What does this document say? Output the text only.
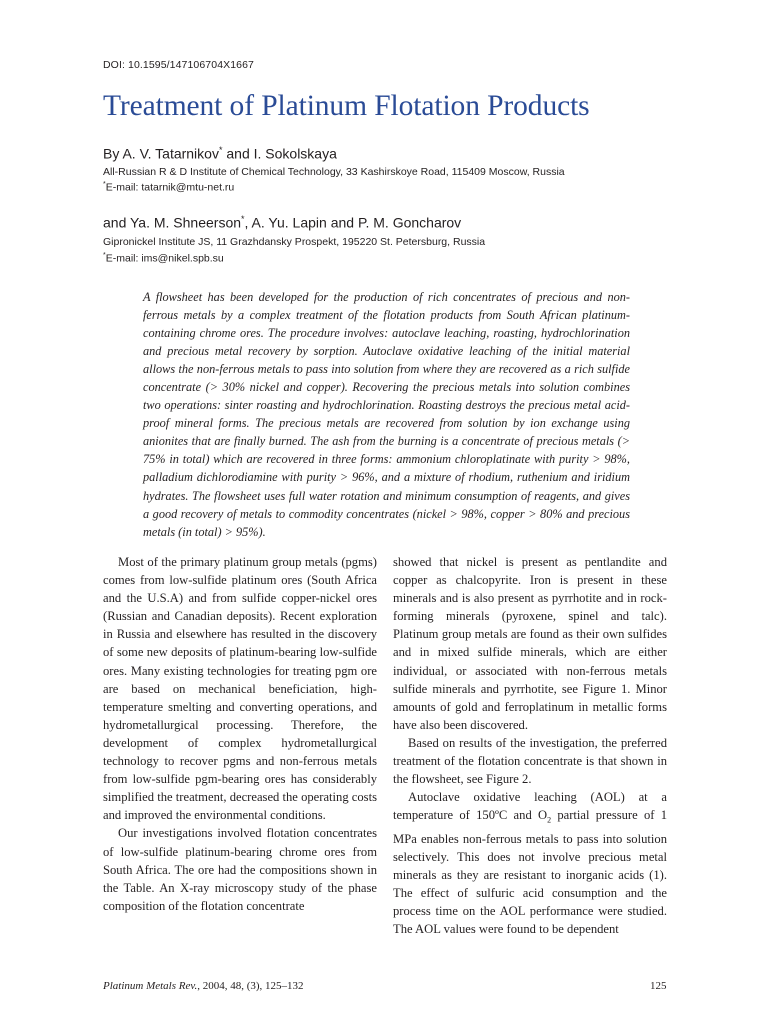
DOI: 10.1595/147106704X1667
Treatment of Platinum Flotation Products
By A. V. Tatarnikov* and I. Sokolskaya
All-Russian R & D Institute of Chemical Technology, 33 Kashirskoye Road, 115409 Moscow, Russia
*E-mail: tatarnik@mtu-net.ru
and Ya. M. Shneerson*, A. Yu. Lapin and P. M. Goncharov
Gipronickel Institute JS, 11 Grazhdansky Prospekt, 195220 St. Petersburg, Russia
*E-mail: ims@nikel.spb.su

A flowsheet has been developed for the production of rich concentrates of precious and non-ferrous metals by a complex treatment of the flotation products from South African platinum-containing chrome ores. The procedure involves: autoclave leaching, roasting, hydrochlorination and precious metal recovery by sorption. Autoclave oxidative leaching of the initial material allows the non-ferrous metals to pass into solution from where they are recovered as a rich sulfide concentrate (> 30% nickel and copper). Recovering the precious metals into solution combines two operations: sinter roasting and hydrochlorination. Roasting destroys the precious metal acid-proof mineral forms. The precious metals are recovered from solution by ion exchange using anionites that are finally burned. The ash from the burning is a concentrate of precious metals (> 75% in total) which are recovered in three forms: ammonium chloroplatinate with purity > 98%, palladium dichlorodiamine with purity > 96%, and a mixture of rhodium, ruthenium and iridium hydrates. The flowsheet uses full water rotation and minimum consumption of reagents, and gives a good recovery of metals to commodity concentrates (nickel > 98%, copper > 80% and precious metals (in total) > 95%).

Most of the primary platinum group metals (pgms) comes from low-sulfide platinum ores (South Africa and the U.S.A) and from sulfide copper-nickel ores (Russian and Canadian deposits). Recent exploration in Russia and elsewhere has resulted in the discovery of some new deposits of platinum-bearing low-sulfide ores. Many existing technologies for treating pgm ore are based on mechanical beneficiation, high-temperature smelting and converting operations, and hydrometallurgical processing. Therefore, the development of complex hydrometallurgical technology to recover pgms and non-ferrous metals from low-sulfide pgm-bearing ores has considerably simplified the treatment, decreased the operating costs and improved the environmental conditions.

Our investigations involved flotation concentrates of low-sulfide platinum-bearing chrome ores from South Africa. The ore had the compositions shown in the Table. An X-ray microscopy study of the phase composition of the flotation concentrate

showed that nickel is present as pentlandite and copper as chalcopyrite. Iron is present in these minerals and is also present as pyrrhotite and in rock-forming minerals (pyroxene, spinel and talc). Platinum group metals are found as their own sulfides and in mixed sulfide minerals, which are either individual, or associated with non-ferrous metals sulfide minerals and pyrrhotite, see Figure 1. Minor amounts of gold and ferroplatinum in metallic forms have also been discovered.

Based on results of the investigation, the preferred treatment of the flotation concentrate is that shown in the flowsheet, see Figure 2.

Autoclave oxidative leaching (AOL) at a temperature of 150ºC and $O_2$ partial pressure of 1 MPa enables non-ferrous metals to pass into solution selectively. This does not involve precious metal minerals as they are resistant to inorganic acids (1). The effect of sulfuric acid consumption and the process time on the AOL performance were studied. The AOL values were found to be dependent

Platinum Metals Rev., 2004, 48, (3), 125–132	125
